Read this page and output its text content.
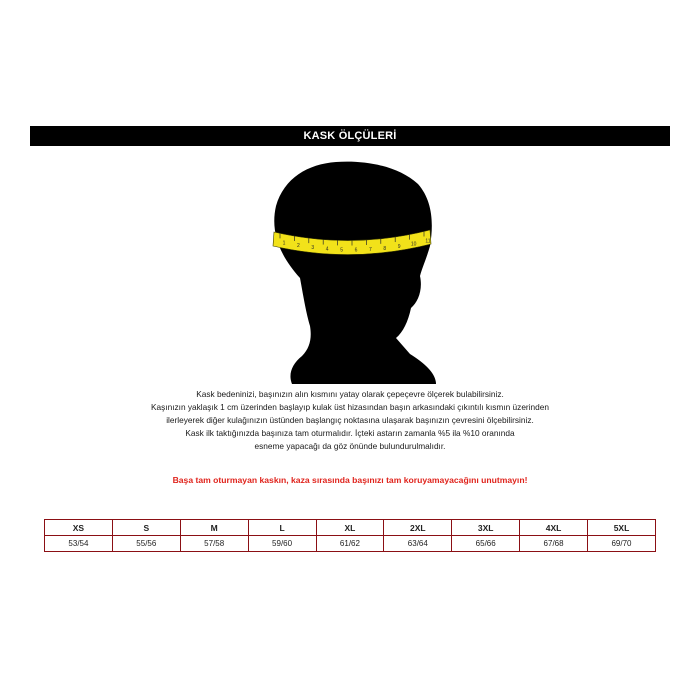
KASK ÖLÇÜLERİ
1 2 3 4 5 6 7 8 9 10
11

Kask bedeninizi, başınızın alın kısmını yatay olarak çepeçevre ölçerek bulabilirsiniz.

Kaşınızın yaklaşık 1 cm üzerinden başlayıp kulak üst hizasından başın arkasındaki çıkıntılı kısmın üzerinden

ilerleyerek diğer kulağınızın üstünden başlangıç noktasına ulaşarak başınızın çevresini ölçebilirsiniz.

Kask ilk taktığınızda başınıza tam oturmalıdır. İçteki astarın zamanla %5 ila %10 oranında

esneme yapacağı da göz önünde bulundurulmalıdır.

Başa tam oturmayan kaskın, kaza sırasında başınızı tam koruyamayacağını unutmayın!
XS	S	M	L	XL	2XL	3XL	4XL	5XL
53/54	55/56	57/58	59/60	61/62	63/64	65/66	67/68	69/70
